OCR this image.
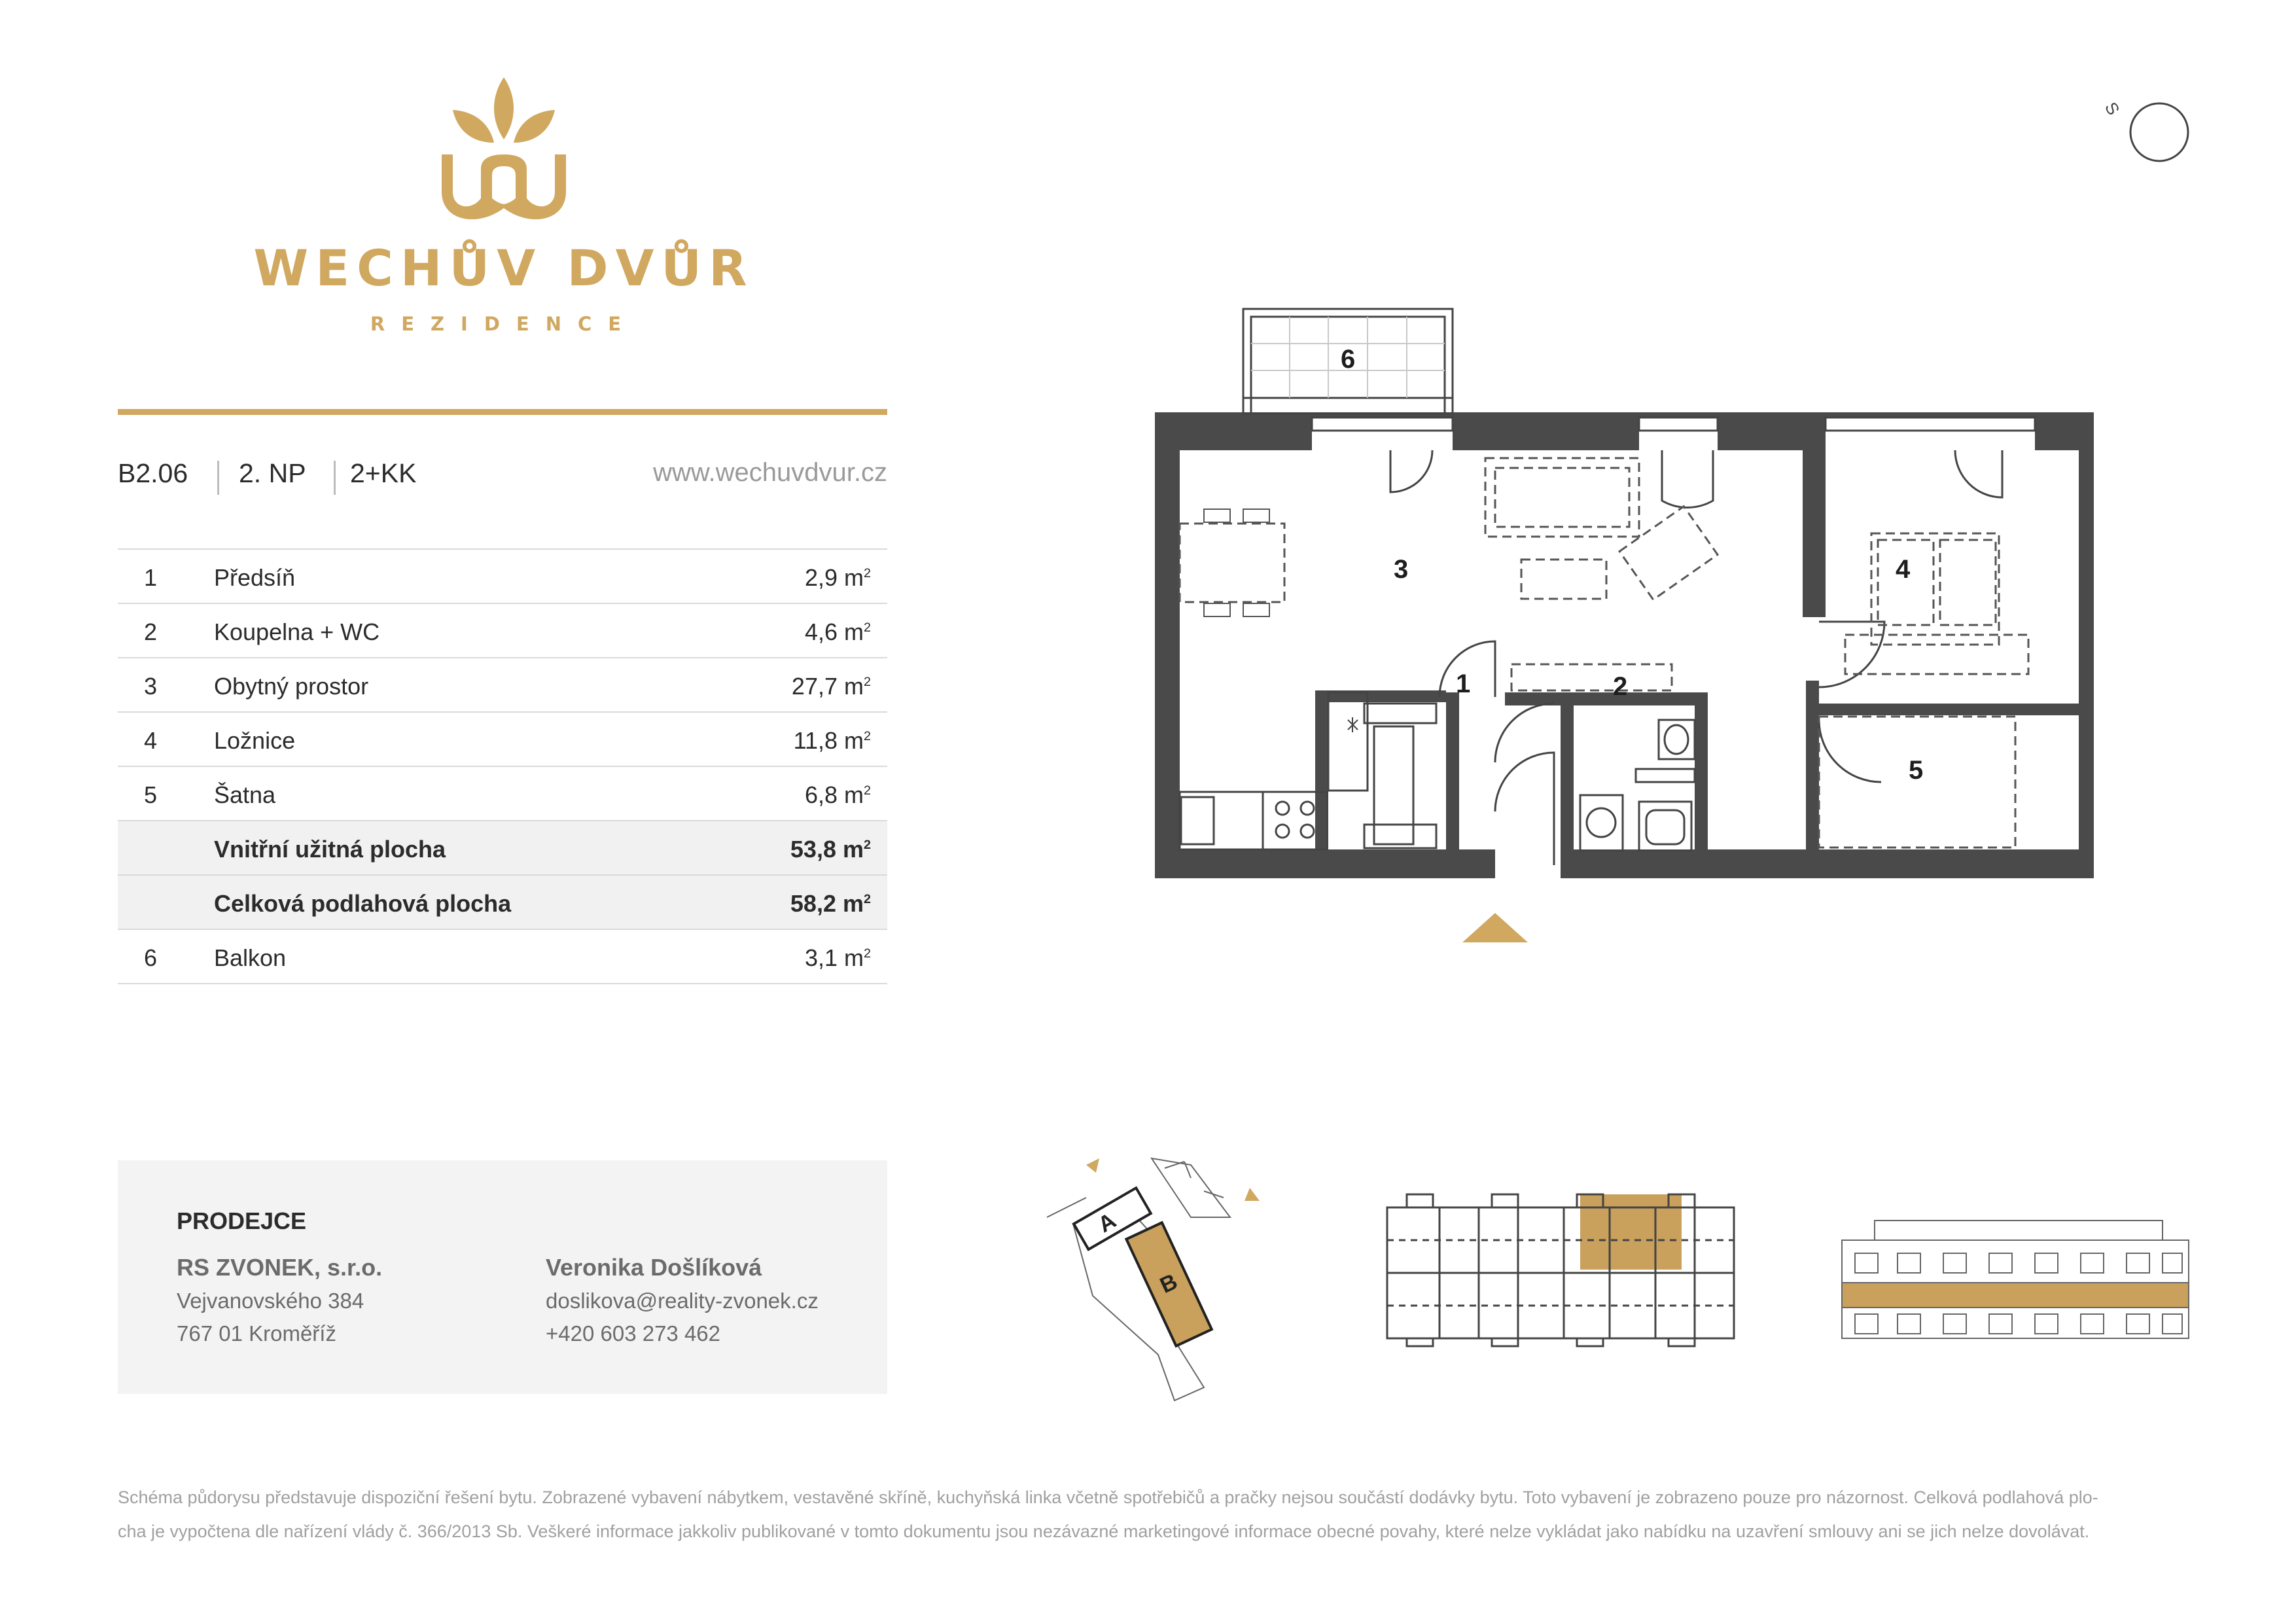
WECHŮV DVŮR
REZIDENCE
B2.06 2. NP 2+KK	www.wechuvdvur.cz
1 Předsíň	2,9 $m^2$
2 Koupelna + WC	4,6 $m^2$
3 Obytný prostor	27,7 $m^2$
4 Ložnice	11,8 $m^2$
5 Šatna	6,8 $m^2$
Vnitřní užitná plocha	53,8 $m^2$
Celková podlahová plocha	58,2 $m^2$
6 Balkon	3,1 $m^2$
PRODEJCE
RS ZVONEK, s.r.o.
Vejvanovského 384
767 01 Kroměříž
Veronika Došlíková
doslikova@reality-zvonek.cz
+420 603 273 462
S
1	2
3	4
5
6
A
B
Schéma půdorysu představuje dispoziční řešení bytu. Zobrazené vybavení nábytkem, vestavěné skříně, kuchyňská linka včetně spotřebičů a pračky nejsou součástí dodávky bytu. Toto vybavení je zobrazeno pouze pro názornost. Celková podlahová plo-
cha je vypočtena dle nařízení vlády č. 366/2013 Sb. Veškeré informace jakkoliv publikované v tomto dokumentu jsou nezávazné marketingové informace obecné povahy, které nelze vykládat jako nabídku na uzavření smlouvy ani se jich nelze dovolávat.
